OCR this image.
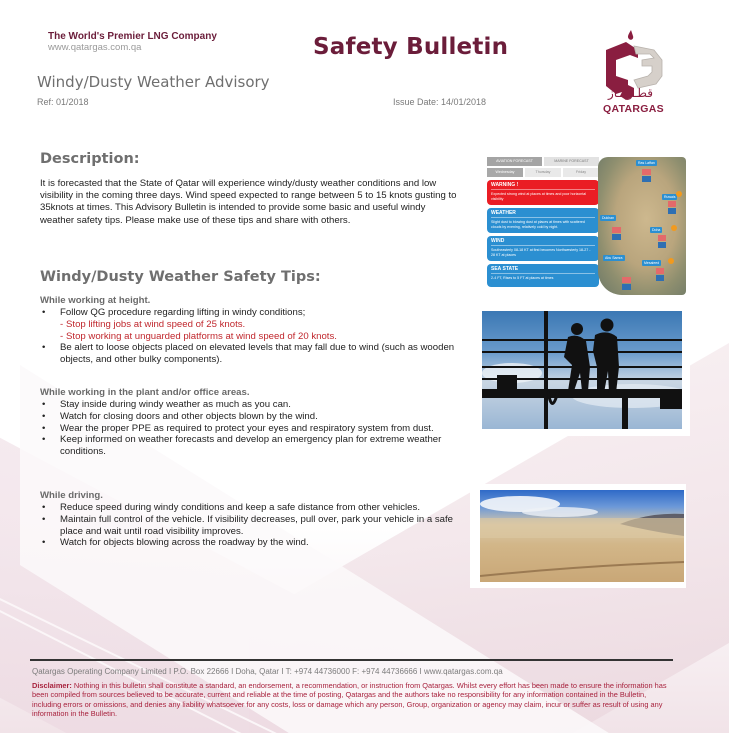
The World's Premier LNG Company
www.qatargas.com.qa	Safety Bulletin
Windy/Dusty Weather Advisory
Ref: 01/2018	Issue Date: 14/01/2018
قطـرغـاز
QATARGAS
Description:
It is forecasted that the State of Qatar will experience windy/dusty weather conditions and low visibility in the coming three days. Wind speed expected to range between 5 to 15 knots gusting to 35knots at times. This Advisory Bulletin is intended to provide some basic and useful windy weather safety tips. Please make use of these tips and share with others.
AVIATION FORECAST	MARINE FORECAST
Wednesday	Thursday	Friday
WARNING !
Expected strong wind at places at times and poor horizontal visibility
WEATHER
Slight dust to blowing dust at places at times with scattered clouds by evening, relatively cold by night.
WIND
Southeasterly 08-18 KT at first becomes Northwesterly 18-27 - 28 KT at places
SEA STATE
2-4 FT, Rises to 5 FT at places at times
Ras Laffan

Ruwais

Dukhan

Doha

Abu Samra
Mesaieed

Windy/Dusty Weather Safety Tips:
While working at height.
• Follow QG procedure regarding lifting in windy conditions;
- Stop lifting jobs at wind speed of 25 knots.
- Stop working at unguarded platforms at wind speed of 20 knots.
• Be alert to loose objects placed on elevated levels that may fall due to wind (such as wooden objects, and other bulky components).
While working in the plant and/or office areas.
• Stay inside during windy weather as much as you can.
• Watch for closing doors and other objects blown by the wind.
• Wear the proper PPE as required to protect your eyes and respiratory system from dust.
• Keep informed on weather forecasts and develop an emergency plan for extreme weather conditions.
While driving.
• Reduce speed during windy conditions and keep a safe distance from other vehicles.
• Maintain full control of the vehicle. If visibility decreases, pull over, park your vehicle in a safe place and wait until road visibility improves.
• Watch for objects blowing across the roadway by the wind.
Qatargas Operating Company Limited I P.O. Box 22666 I Doha, Qatar I T: +974 44736000 F: +974 44736666 I www.qatargas.com.qa
Disclaimer: Nothing in this bulletin shall constitute a standard, an endorsement, a recommendation, or instruction from Qatargas. Whilst every effort has been made to ensure the information has been compiled from sources believed to be accurate, current and reliable at the time of posting, Qatargas and the authors take no responsibility for any information contained in the Bulletin, including errors or omissions, and denies any liability whatsoever for any costs, loss or damage which any person, Group, organization or agency may claim, incur or suffer as result of using any information in the Bulletin.
